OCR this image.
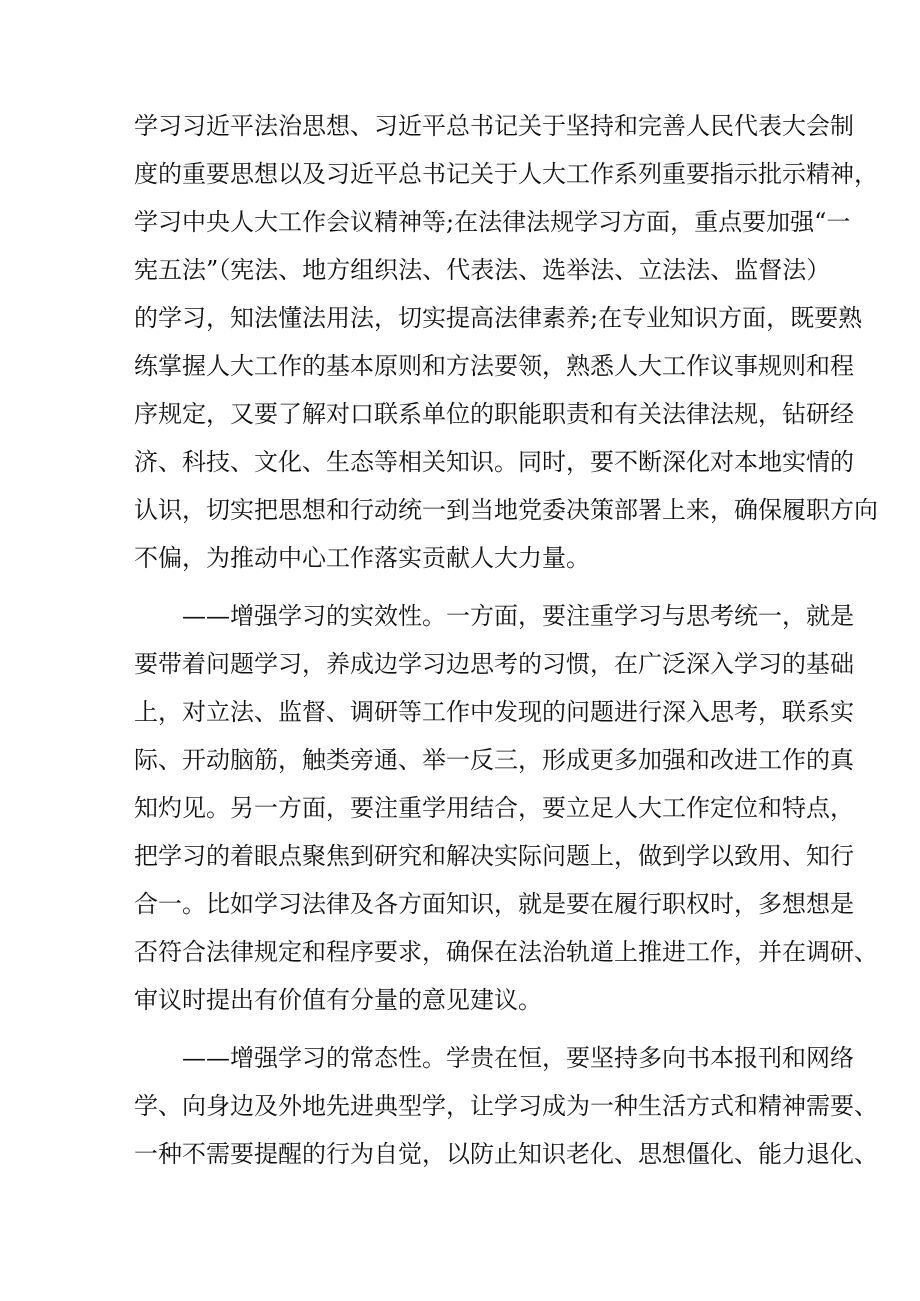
学习习近平法治思想、习近平总书记关于坚持和完善人民代表大会制
度的重要思想以及习近平总书记关于人大工作系列重要指示批示精神，
学习中央人大工作会议精神等;在法律法规学习方面，重点要加强“一
宪五法”（宪法、地方组织法、代表法、选举法、立法法、监督法）
的学习，知法懂法用法，切实提高法律素养;在专业知识方面，既要熟
练掌握人大工作的基本原则和方法要领，熟悉人大工作议事规则和程
序规定，又要了解对口联系单位的职能职责和有关法律法规，钻研经
济、科技、文化、生态等相关知识。同时，要不断深化对本地实情的
认识，切实把思想和行动统一到当地党委决策部署上来，确保履职方向
不偏，为推动中心工作落实贡献人大力量。
——增强学习的实效性。一方面，要注重学习与思考统一，就是
要带着问题学习，养成边学习边思考的习惯，在广泛深入学习的基础
上，对立法、监督、调研等工作中发现的问题进行深入思考，联系实
际、开动脑筋，触类旁通、举一反三，形成更多加强和改进工作的真
知灼见。另一方面，要注重学用结合，要立足人大工作定位和特点，
把学习的着眼点聚焦到研究和解决实际问题上，做到学以致用、知行
合一。比如学习法律及各方面知识，就是要在履行职权时，多想想是
否符合法律规定和程序要求，确保在法治轨道上推进工作，并在调研、
审议时提出有价值有分量的意见建议。
——增强学习的常态性。学贵在恒，要坚持多向书本报刊和网络
学、向身边及外地先进典型学，让学习成为一种生活方式和精神需要、
一种不需要提醒的行为自觉，以防止知识老化、思想僵化、能力退化、
